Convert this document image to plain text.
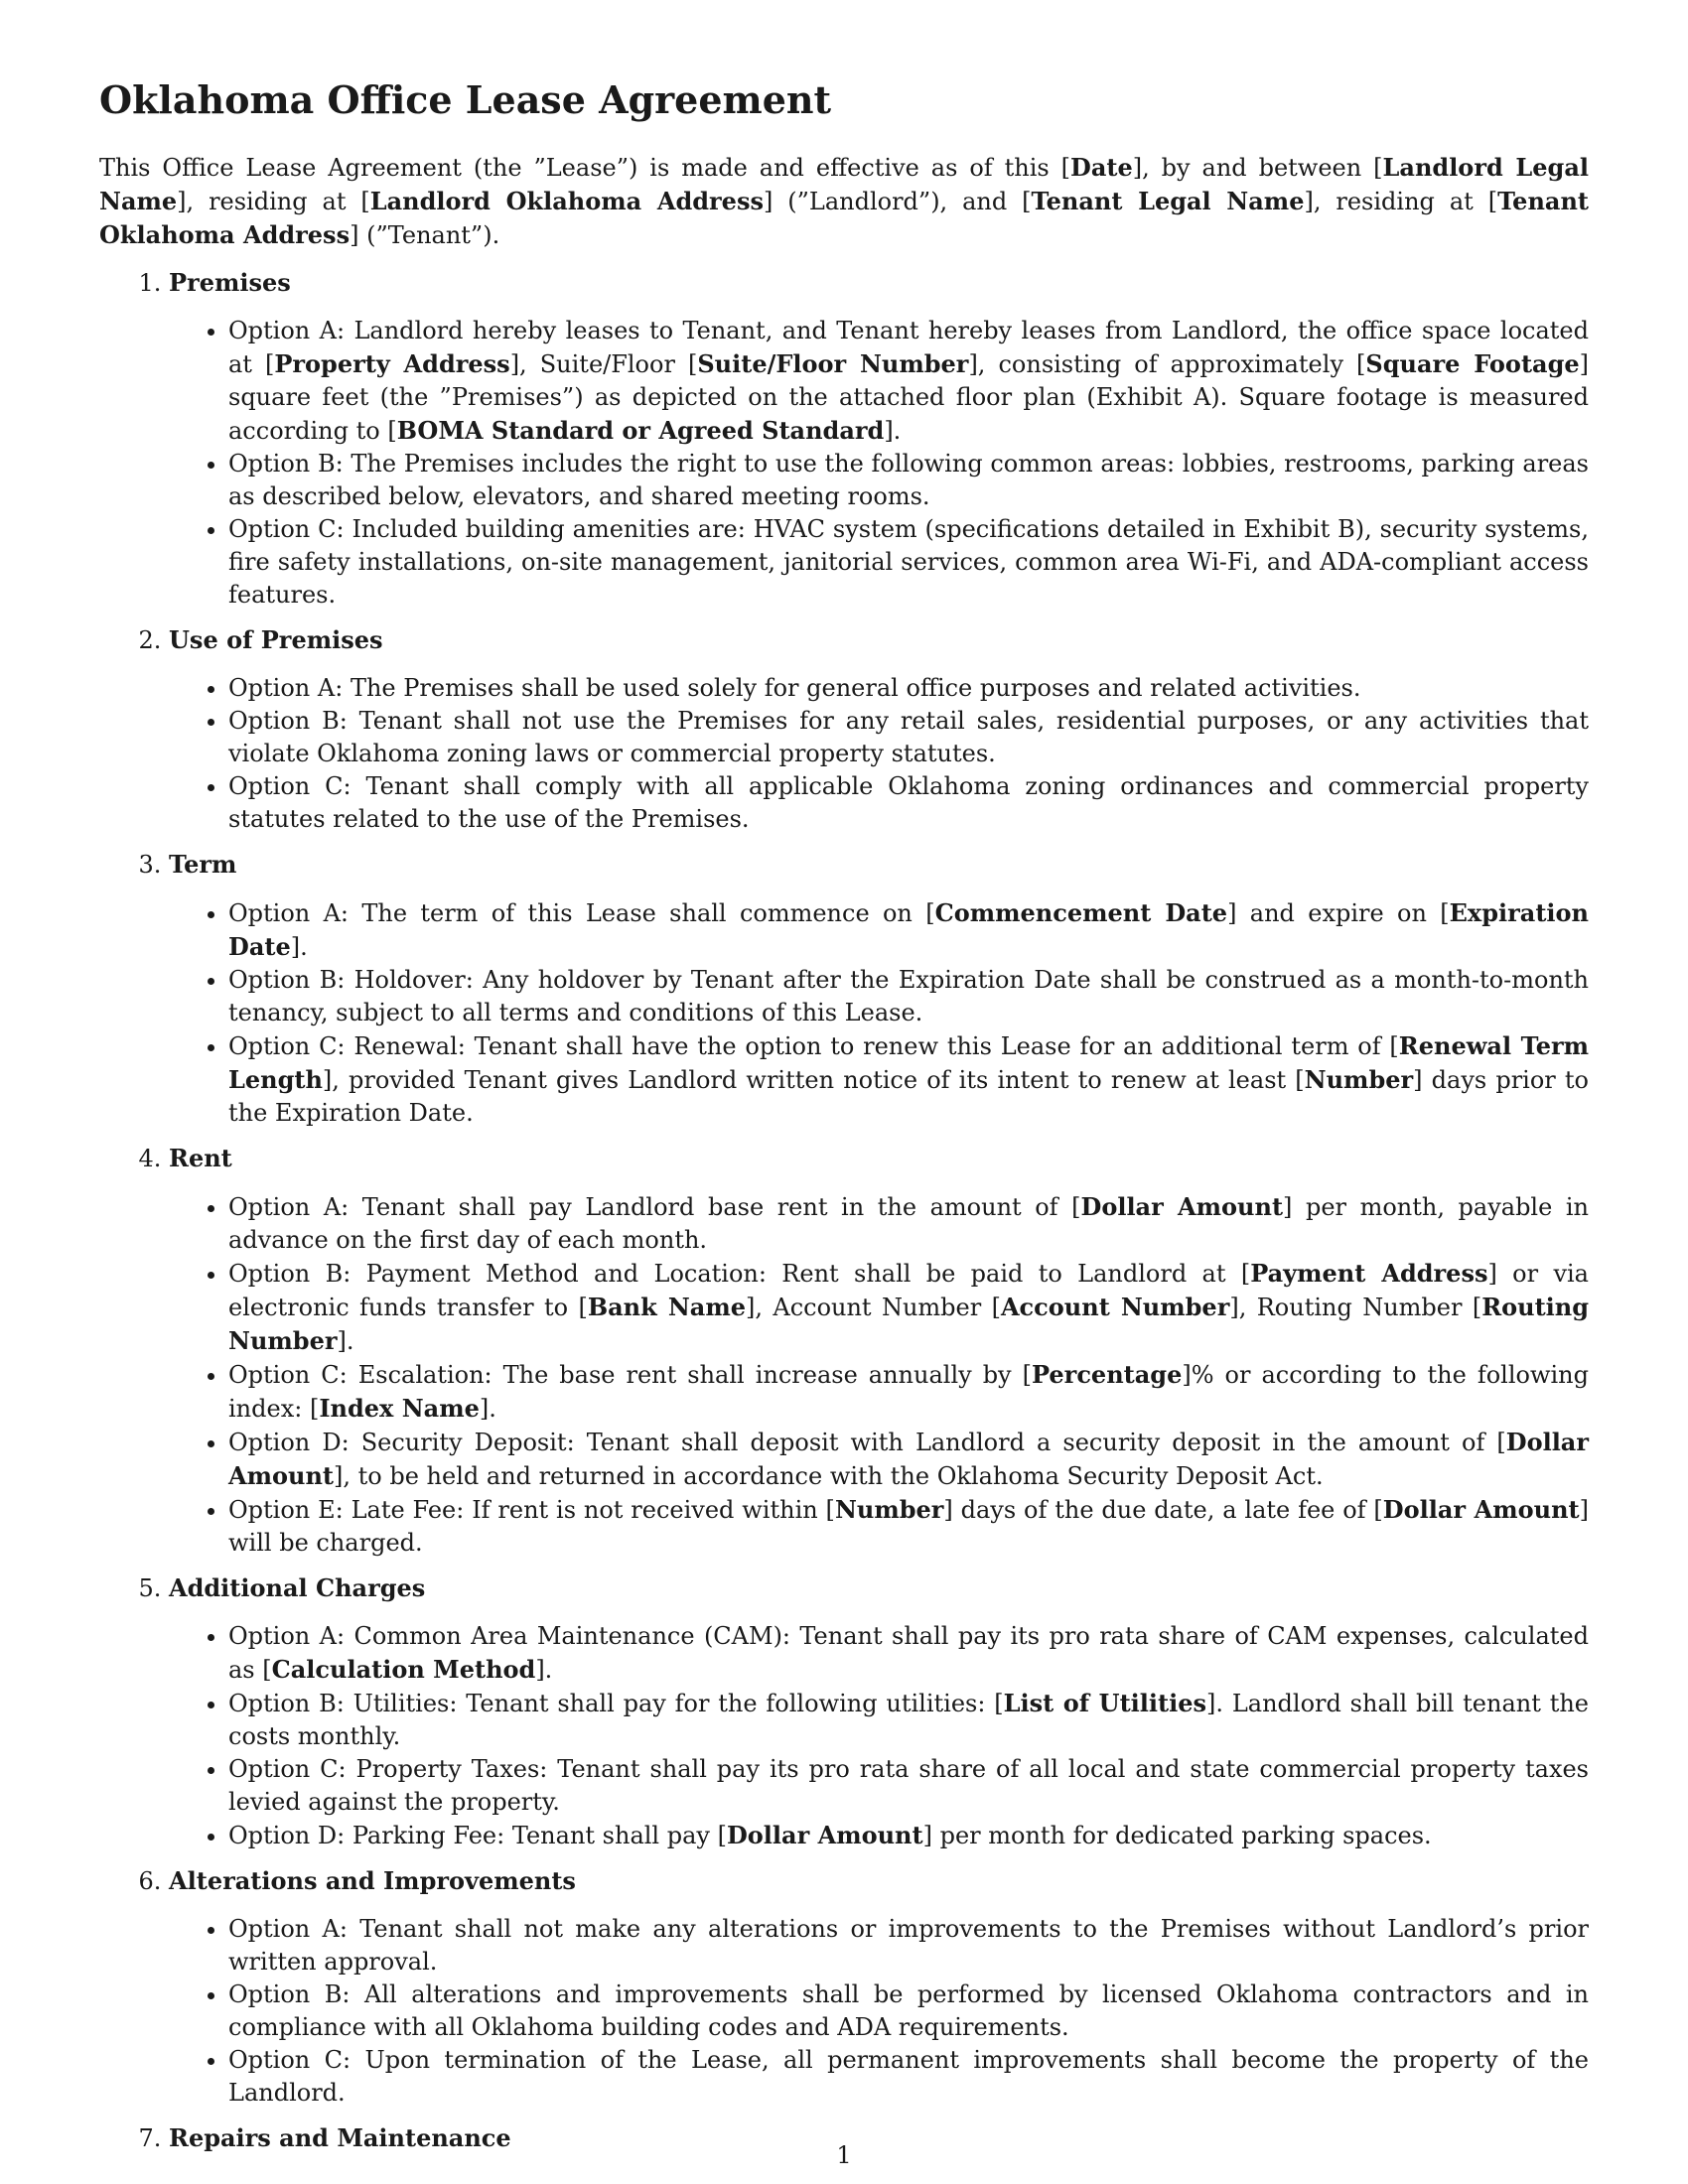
Oklahoma Office Lease Agreement

This Office Lease Agreement (the ”Lease”) is made and effective as of this [Date], by and between [Landlord Legal Name], residing at [Landlord Oklahoma Address] (”Landlord”), and [Tenant Legal Name], residing at [Tenant Oklahoma Address] (”Tenant”).

1. Premises
• Option A: Landlord hereby leases to Tenant, and Tenant hereby leases from Landlord, the office space located at [Property Address], Suite/Floor [Suite/Floor Number], consisting of approximately [Square Footage] square feet (the ”Premises”) as depicted on the attached floor plan (Exhibit A). Square footage is measured according to [BOMA Standard or Agreed Standard].
• Option B: The Premises includes the right to use the following common areas: lobbies, restrooms, parking areas as described below, elevators, and shared meeting rooms.
• Option C: Included building amenities are: HVAC system (specifications detailed in Exhibit B), security systems, fire safety installations, on-site management, janitorial services, common area Wi-Fi, and ADA-compliant access features.
2. Use of Premises
• Option A: The Premises shall be used solely for general office purposes and related activities.
• Option B: Tenant shall not use the Premises for any retail sales, residential purposes, or any activities that violate Oklahoma zoning laws or commercial property statutes.
• Option C: Tenant shall comply with all applicable Oklahoma zoning ordinances and commercial property statutes related to the use of the Premises.
3. Term
• Option A: The term of this Lease shall commence on [Commencement Date] and expire on [Expiration Date].
• Option B: Holdover: Any holdover by Tenant after the Expiration Date shall be construed as a month-to-month tenancy, subject to all terms and conditions of this Lease.
• Option C: Renewal: Tenant shall have the option to renew this Lease for an additional term of [Renewal Term Length], provided Tenant gives Landlord written notice of its intent to renew at least [Number] days prior to the Expiration Date.
4. Rent
• Option A: Tenant shall pay Landlord base rent in the amount of [Dollar Amount] per month, payable in advance on the first day of each month.
• Option B: Payment Method and Location: Rent shall be paid to Landlord at [Payment Address] or via electronic funds transfer to [Bank Name], Account Number [Account Number], Routing Number [Routing Number].
• Option C: Escalation: The base rent shall increase annually by [Percentage]% or according to the following index: [Index Name].
• Option D: Security Deposit: Tenant shall deposit with Landlord a security deposit in the amount of [Dollar Amount], to be held and returned in accordance with the Oklahoma Security Deposit Act.
• Option E: Late Fee: If rent is not received within [Number] days of the due date, a late fee of [Dollar Amount] will be charged.
5. Additional Charges
• Option A: Common Area Maintenance (CAM): Tenant shall pay its pro rata share of CAM expenses, calculated as [Calculation Method].
• Option B: Utilities: Tenant shall pay for the following utilities: [List of Utilities]. Landlord shall bill tenant the costs monthly.
• Option C: Property Taxes: Tenant shall pay its pro rata share of all local and state commercial property taxes levied against the property.
• Option D: Parking Fee: Tenant shall pay [Dollar Amount] per month for dedicated parking spaces.
6. Alterations and Improvements
• Option A: Tenant shall not make any alterations or improvements to the Premises without Landlord’s prior written approval.
• Option B: All alterations and improvements shall be performed by licensed Oklahoma contractors and in compliance with all Oklahoma building codes and ADA requirements.
• Option C: Upon termination of the Lease, all permanent improvements shall become the property of the Landlord.
7. Repairs and Maintenance
1
